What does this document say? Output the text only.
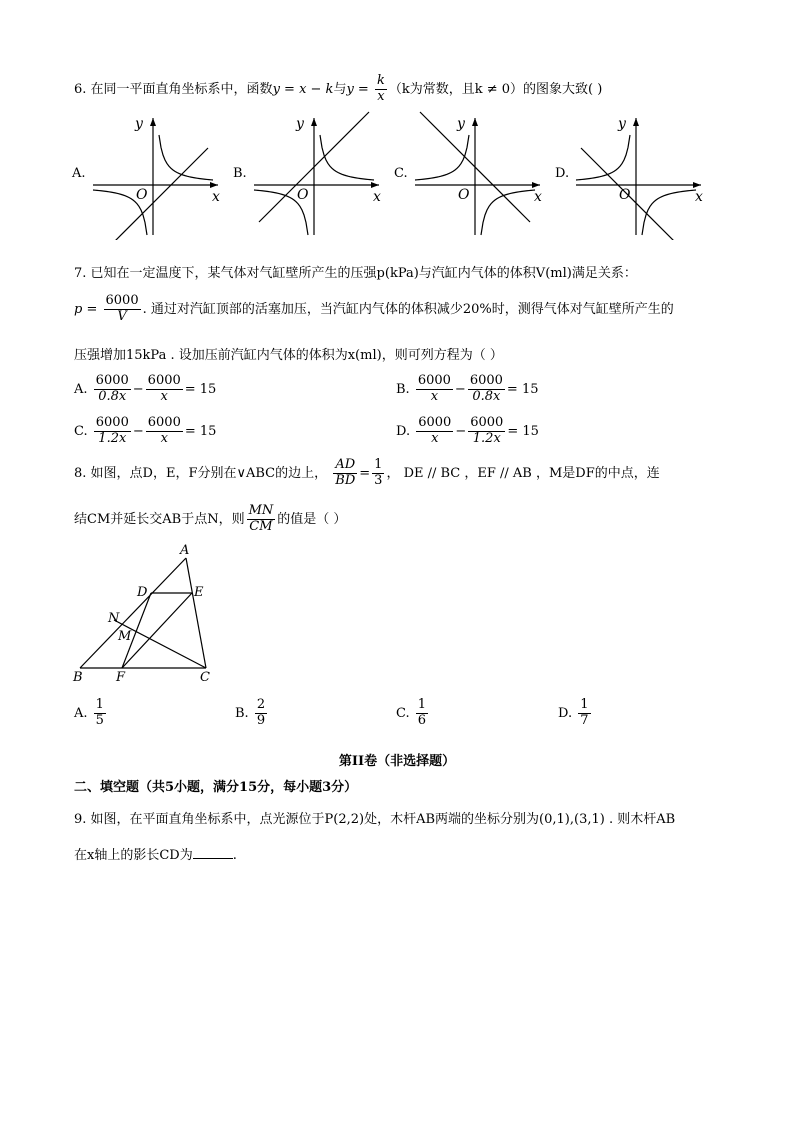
6. 在同一平面直角坐标系中，函数y = x − k与$y = \frac{k}{x} (k$为常数，且k ≠ 0）的图象大致( )
A.
y
x
O
B.
y
x
O
C.
y
x
O
D.
y
x
O
7. 已知在一定温度下，某气体对气缸壁所产生的压强p(kPa)与汽缸内气体的体积V(ml)满足关系：
$p = \frac{6000}{V}$ . 通过对汽缸顶部的活塞加压，当汽缸内气体的体积减少20%时，测得气体对气缸壁所产生的
压强增加15kPa . 设加压前汽缸内气体的体积为x(ml)，则可列方程为（ ）
A. $\frac{6000}{0.8x} - \frac{6000}{x} = 15$	B. $\frac{6000}{x} - \frac{6000}{0.8x} = 15$
C. $\frac{6000}{1.2x} - \frac{6000}{x} = 15$	D. $\frac{6000}{x} - \frac{6000}{1.2x} = 15$
8. 如图，点D，E，F分别在∨ABC的边上， $\frac{AD}{BD} = \frac{1}{3}$ ， DE // BC ，EF // AB ，M是DF的中点，连
结CM并延长交AB于点N，则 $\frac{MN}{CM}$ 的值是（ ）
A
B	C
D	E
F
M
N
A. $\frac{1}{5}$	B. $\frac{2}{9}$	C. $\frac{1}{6}$	D. $\frac{1}{7}$
第II卷（非选择题）
二、填空题（共5小题，满分15分，每小题3分）
9. 如图，在平面直角坐标系中，点光源位于P(2,2)处，木杆AB两端的坐标分别为(0,1),(3,1) . 则木杆AB
在x轴上的影长CD为	.
